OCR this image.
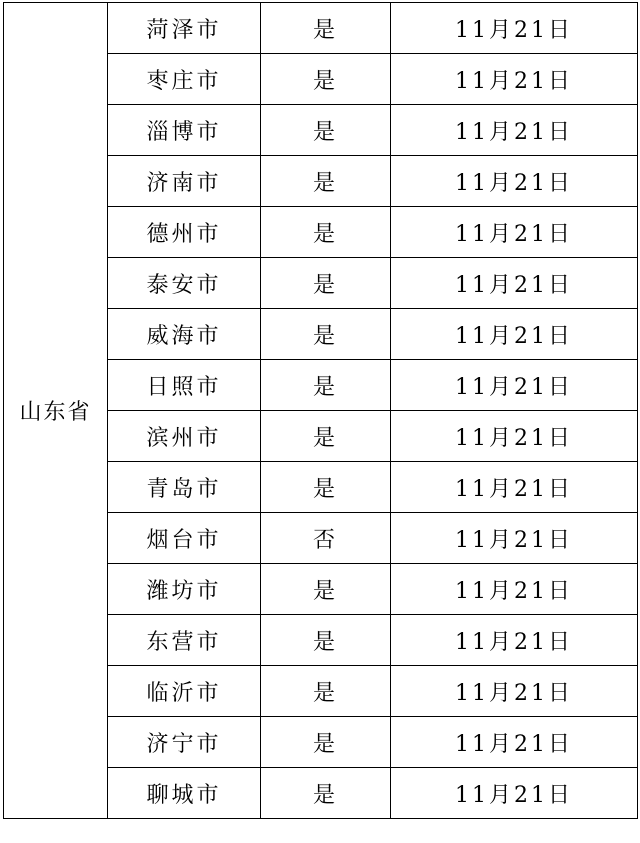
山东省	菏泽市	是	11月21日
	枣庄市	是	11月21日
	淄博市	是	11月21日
	济南市	是	11月21日
	德州市	是	11月21日
	泰安市	是	11月21日
	威海市	是	11月21日
	日照市	是	11月21日
	滨州市	是	11月21日
	青岛市	是	11月21日
	烟台市	否	11月21日
	潍坊市	是	11月21日
	东营市	是	11月21日
	临沂市	是	11月21日
	济宁市	是	11月21日
	聊城市	是	11月21日
